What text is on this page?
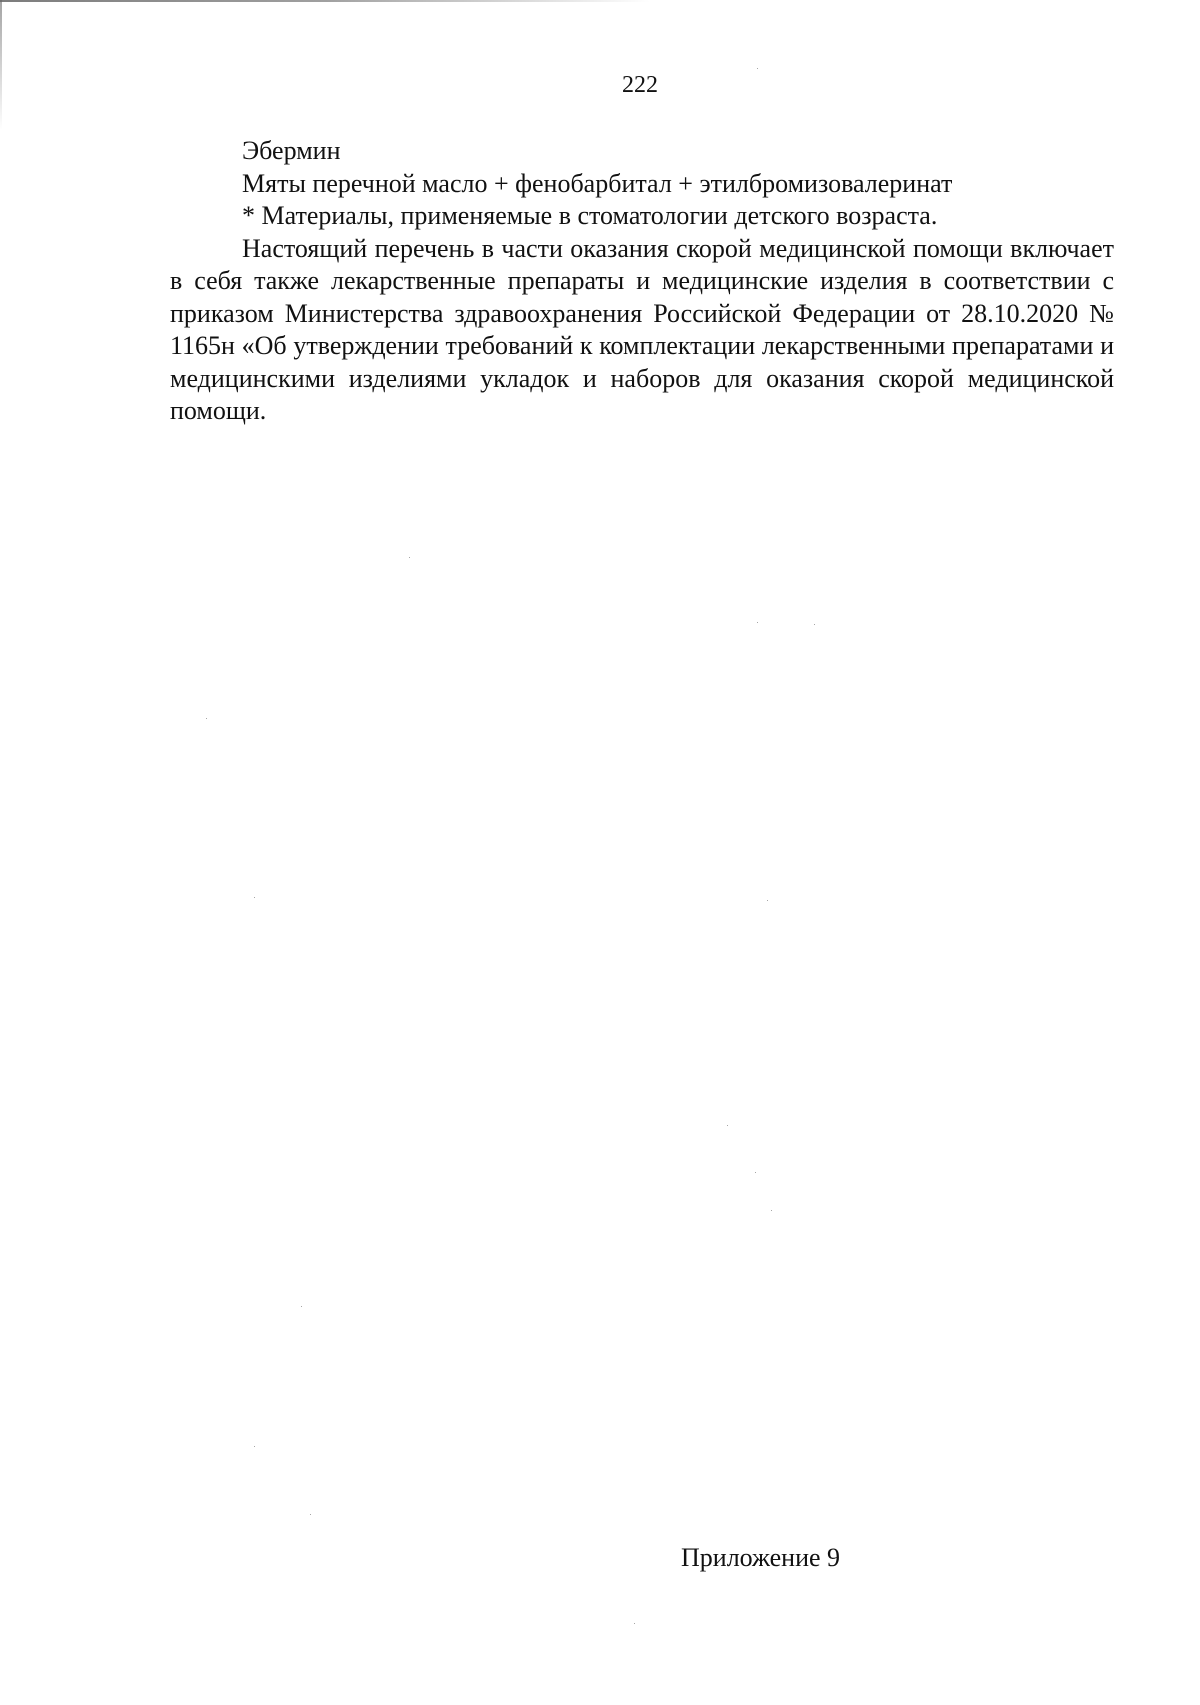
222

Эбермин

Мяты перечной масло + фенобарбитал + этилбромизовалеринат

* Материалы, применяемые в стоматологии детского возраста.

Настоящий перечень в части оказания скорой медицинской помощи включает в себя также лекарственные препараты и медицинские изделия в соответствии с приказом Министерства здравоохранения Российской Федерации от 28.10.2020 № 1165н «Об утверждении требований к комплектации лекарственными препаратами и медицинскими изделиями укладок и наборов для оказания скорой медицинской помощи.

Приложение 9
